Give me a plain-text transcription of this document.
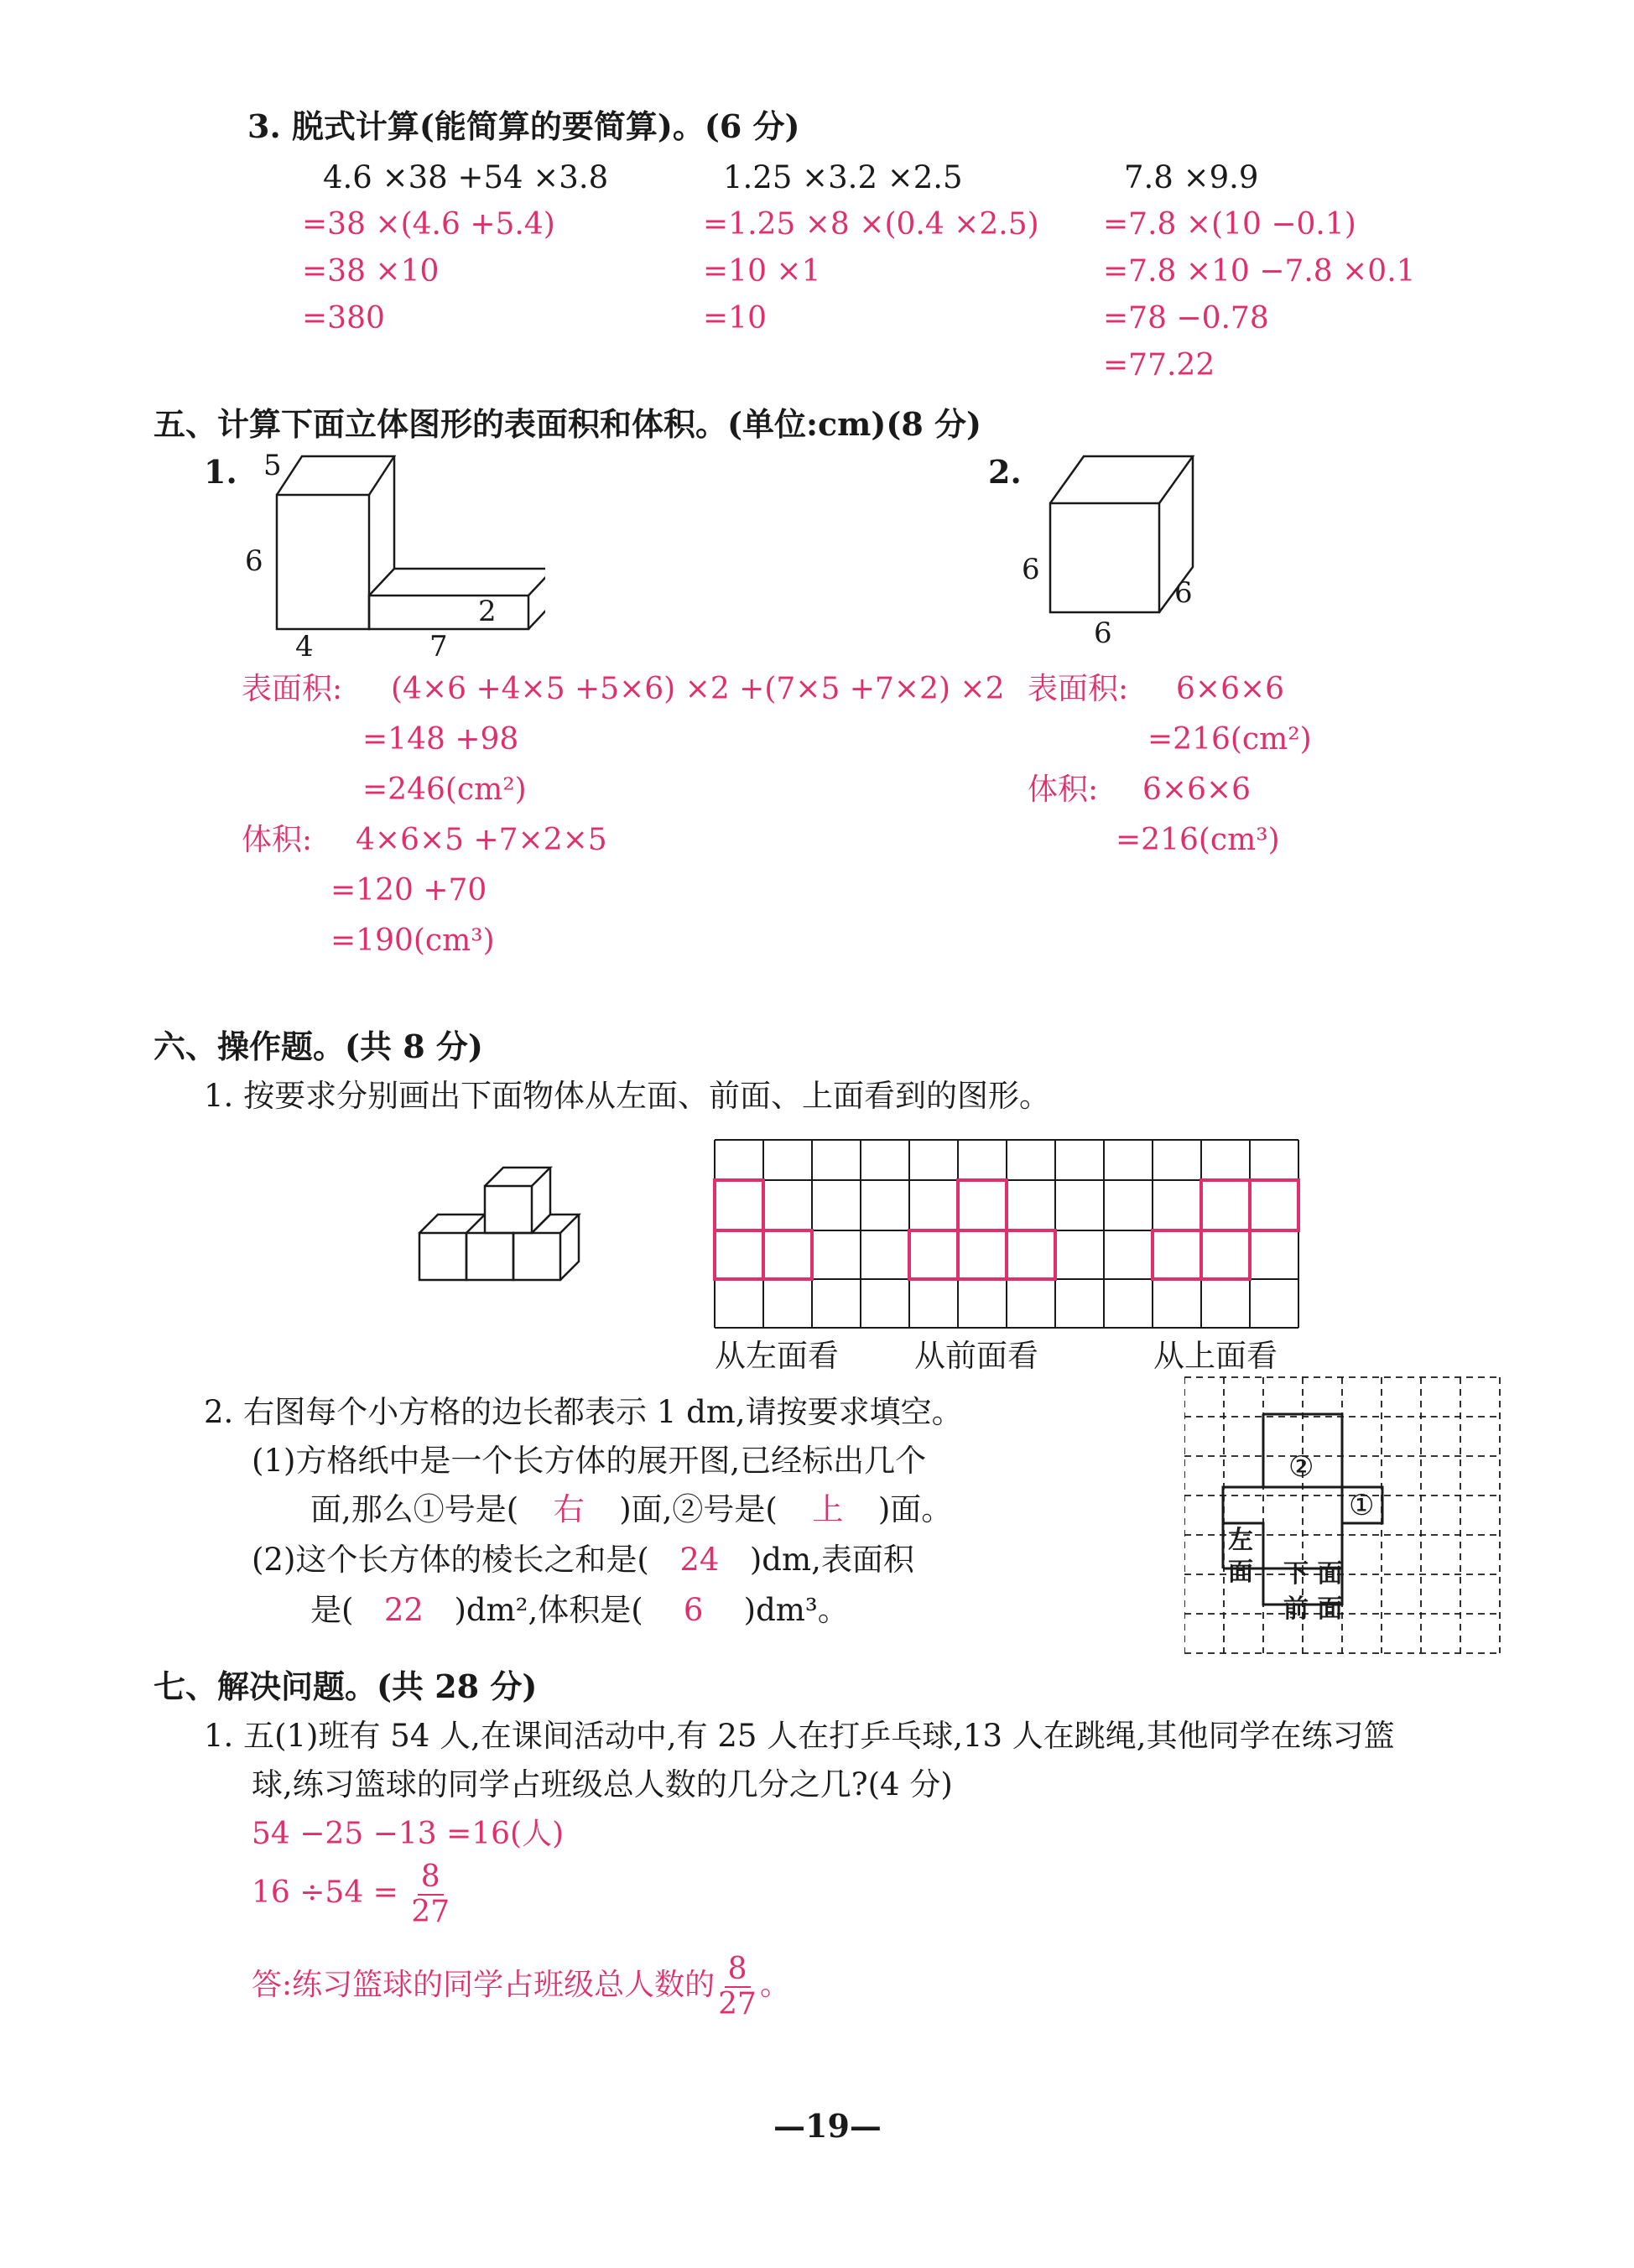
3. 脱式计算(能简算的要简算)。(6 分)
4.6 ×38 +54 ×3.8
=38 ×(4.6 +5.4)
=38 ×10
=380
1.25 ×3.2 ×2.5
=1.25 ×8 ×(0.4 ×2.5)
=10 ×1
=10
7.8 ×9.9
=7.8 ×(10 −0.1)
=7.8 ×10 −7.8 ×0.1
=78 −0.78
=77.22
五、计算下面立体图形的表面积和体积。(单位:cm)(8 分)
5
6
4	7
2
1.	2.
6
6
6
表面积: (4×6 +4×5 +5×6) ×2 +(7×5 +7×2) ×2
=148 +98
=246(cm²)
体积: 4×6×5 +7×2×5
=120 +70
=190(cm³)
表面积: 6×6×6
=216(cm²)
体积: 6×6×6
=216(cm³)
六、操作题。(共 8 分)
1. 按要求分别画出下面物体从左面、前面、上面看到的图形。
从左面看 从前面看	从上面看
2. 右图每个小方格的边长都表示 1 dm,请按要求填空。
(1)方格纸中是一个长方体的展开图,已经标出几个
面,那么①号是( 右 )面,②号是( 上 )面。
(2)这个长方体的棱长之和是( 24 )dm,表面积
是( 22 )dm²,体积是( 6 )dm³。
②
①
左
面 下 面
前 面
七、解决问题。(共 28 分)
1. 五(1)班有 54 人,在课间活动中,有 25 人在打乒乓球,13 人在跳绳,其他同学在练习篮
球,练习篮球的同学占班级总人数的几分之几?(4 分)
54 −25 −13 =16(人)
$16 \div 54 = \frac{8}{27}$
答:练习篮球的同学占班级总人数的 $\frac{8}{27}$ 。
—19—
